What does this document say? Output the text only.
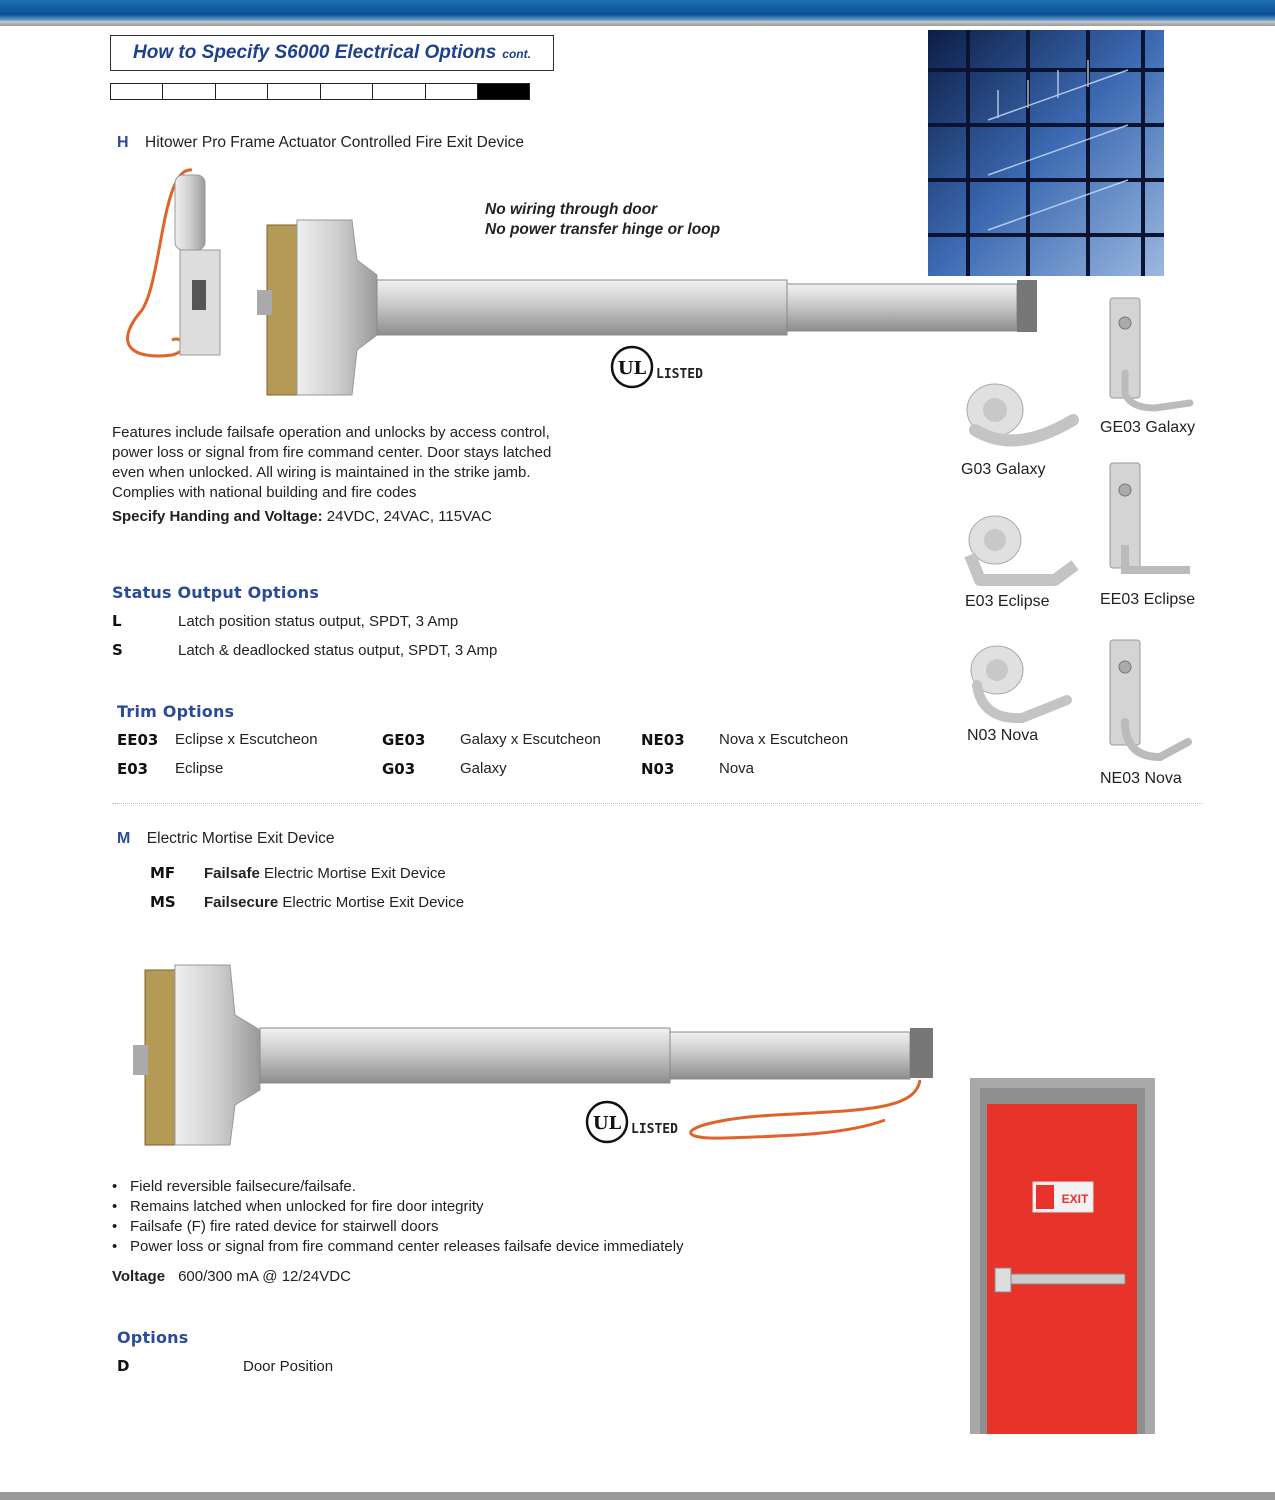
How to Specify S6000 Electrical Options cont.
H Hitower Pro Frame Actuator Controlled Fire Exit Device
No wiring through door
No power transfer hinge or loop
UL LISTED
Features include failsafe operation and unlocks by access control,
power loss or signal from fire command center. Door stays latched
even when unlocked. All wiring is maintained in the strike jamb.
Complies with national building and fire codes
Specify Handing and Voltage: 24VDC, 24VAC, 115VAC
Status Output Options
L	Latch position status output, SPDT, 3 Amp
S	Latch & deadlocked status output, SPDT, 3 Amp
Trim Options
EE03 Eclipse x Escutcheon	GE03 Galaxy x Escutcheon	NE03 Nova x Escutcheon
E03 Eclipse	G03	Galaxy	N03	Nova
GE03 Galaxy
G03 Galaxy
EE03 Eclipse
E03 Eclipse
N03 Nova
NE03 Nova
M Electric Mortise Exit Device
MF Failsafe Electric Mortise Exit Device
MS Failsecure Electric Mortise Exit Device
UL LISTED
• Field reversible failsecure/failsafe.
• Remains latched when unlocked for fire door integrity
• Failsafe (F) fire rated device for stairwell doors
• Power loss or signal from fire command center releases failsafe device immediately
Voltage 600/300 mA @ 12/24VDC
Options
D	Door Position
EXIT
